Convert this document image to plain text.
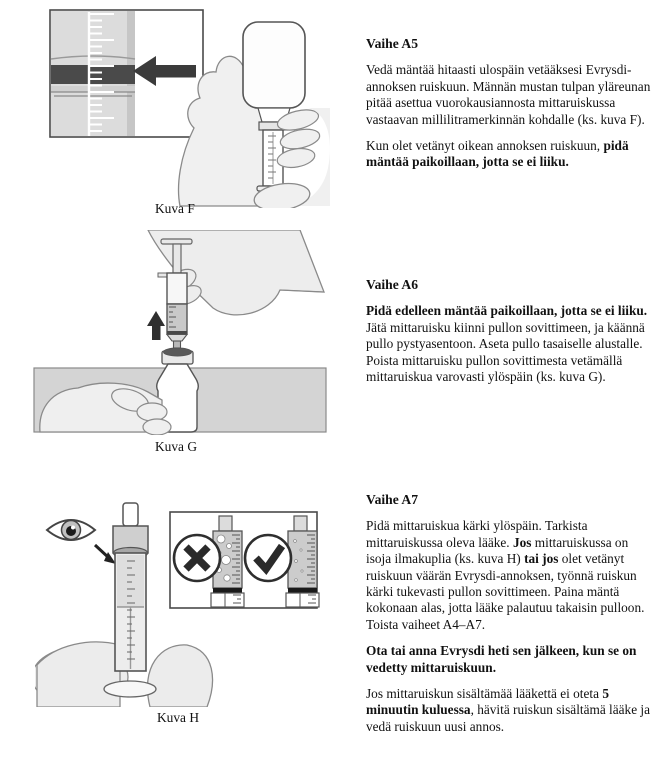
Kuva F
Kuva G
Kuva H
Vaihe A5

Vedä mäntää hitaasti ulospäin vetääksesi Evrysdi-annoksen ruiskuun. Männän mustan tulpan yläreunan pitää asettua vuorokausiannosta mittaruiskussa vastaavan millilitramerkinnän kohdalle (ks. kuva F).

Kun olet vetänyt oikean annoksen ruiskuun, pidä mäntää paikoillaan, jotta se ei liiku.

Vaihe A6

Pidä edelleen mäntää paikoillaan, jotta se ei liiku. Jätä mittaruisku kiinni pullon sovittimeen, ja käännä pullo pystyasentoon. Aseta pullo tasaiselle alustalle. Poista mittaruisku pullon sovittimesta vetämällä mittaruiskua varovasti ylöspäin (ks. kuva G).

Vaihe A7

Pidä mittaruiskua kärki ylöspäin. Tarkista mittaruiskussa oleva lääke. Jos mittaruiskussa on isoja ilmakuplia (ks. kuva H) tai jos olet vetänyt ruiskuun väärän Evrysdi-annoksen, työnnä ruiskun kärki tukevasti pullon sovittimeen. Paina mäntä kokonaan alas, jotta lääke palautuu takaisin pulloon. Toista vaiheet A4–A7.

Ota tai anna Evrysdi heti sen jälkeen, kun se on vedetty mittaruiskuun.

Jos mittaruiskun sisältämää lääkettä ei oteta 5 minuutin kuluessa, hävitä ruiskun sisältämä lääke ja vedä ruiskuun uusi annos.
